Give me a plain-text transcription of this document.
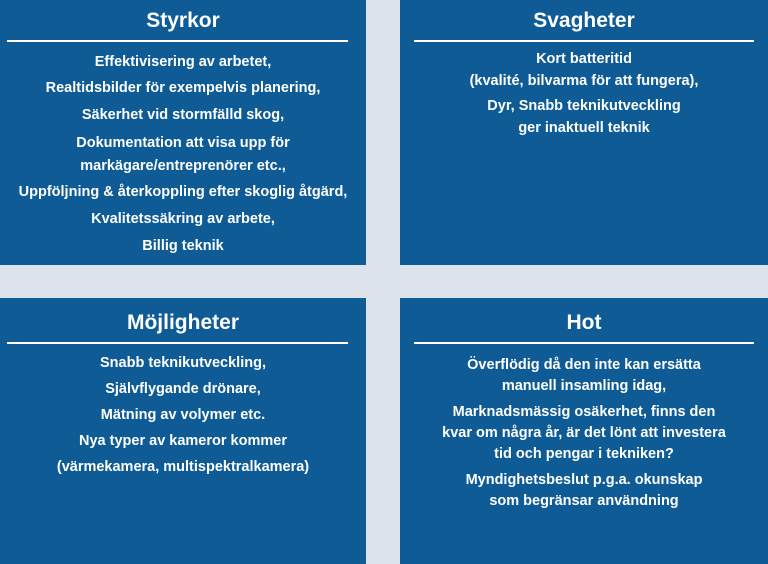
Styrkor

Effektivisering av arbetet,

Realtidsbilder för exempelvis planering,

Säkerhet vid stormfälld skog,

Dokumentation att visa upp för

markägare/entreprenörer etc.,

Uppföljning & återkoppling efter skoglig åtgärd,

Kvalitetssäkring av arbete,

Billig teknik

Svagheter

Kort batteritid

(kvalité, bilvarma för att fungera),

Dyr, Snabb teknikutveckling

ger inaktuell teknik

Möjligheter

Snabb teknikutveckling,

Självflygande drönare,

Mätning av volymer etc.

Nya typer av kameror kommer

(värmekamera, multispektralkamera)

Hot

Överflödig då den inte kan ersätta

manuell insamling idag,

Marknadsmässig osäkerhet, finns den

kvar om några år, är det lönt att investera

tid och pengar i tekniken?

Myndighetsbeslut p.g.a. okunskap

som begränsar användning
